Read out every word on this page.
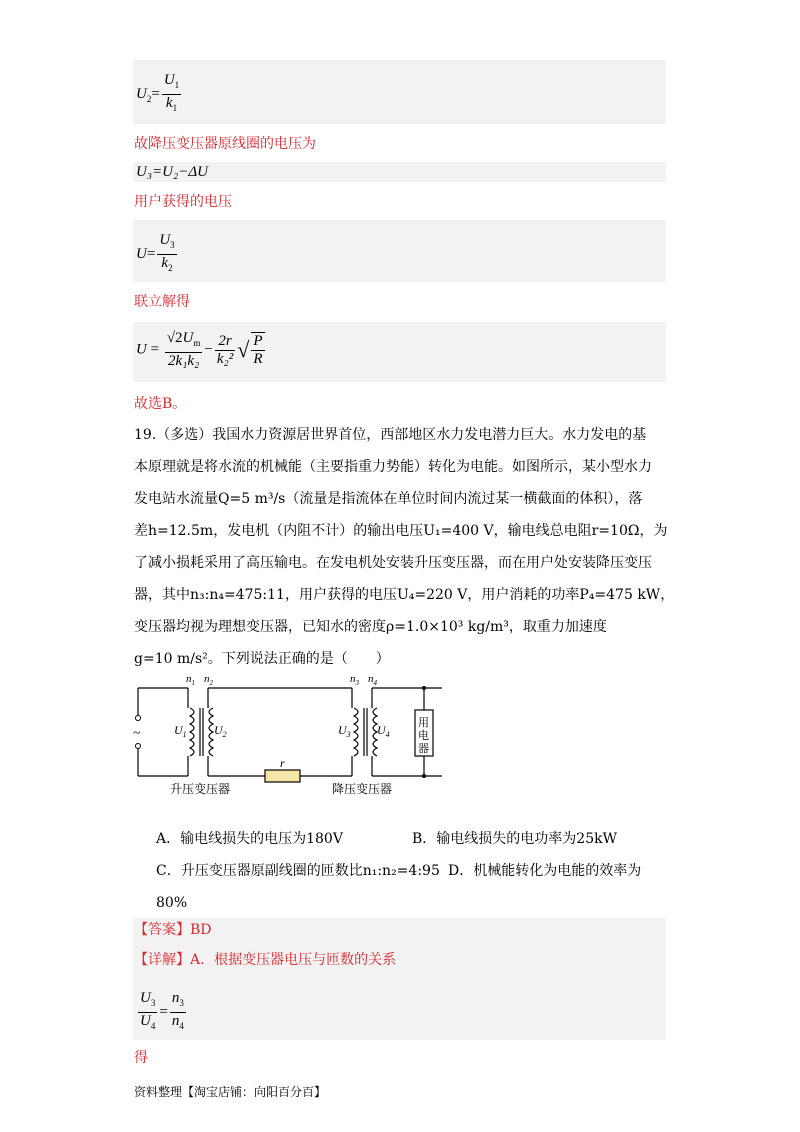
$U_2= \frac{U_1}{k_1}$
故降压变压器原线圈的电压为
U₃=U₂−ΔU
用户获得的电压
$U= \frac{U_3}{k_2}$
联立解得
$U = \frac{√2U_m}{\text{2k₁k₂}} - \frac{2r}{\text{k₂²}}$ √ $\frac{P}{R}$
故选B。
19.（多选）我国水力资源居世界首位，西部地区水力发电潜力巨大。水力发电的基
本原理就是将水流的机械能（主要指重力势能）转化为电能。如图所示，某小型水力
发电站水流量Q=5 m³/s（流量是指流体在单位时间内流过某一横截面的体积），落
差h=12.5m，发电机（内阻不计）的输出电压U₁=400 V，输电线总电阻r=10Ω，为
了减小损耗采用了高压输电。在发电机处安装升压变压器，而在用户处安装降压变压
器，其中n₃:n₄=475:11，用户获得的电压U₄=220 V，用户消耗的功率P₄=475 kW，
变压器均视为理想变压器，已知水的密度ρ=1.0×10³ kg/m³，取重力加速度
g=10 m/s²。下列说法正确的是（　　）
~
$n_1$ $n_2$	$n_3$ $n_4$
$U_1$ $U_2$	$U_3$ $U_4$
r
用
电
器
升压变压器	降压变压器
A．输电线损失的电压为180V	B．输电线损失的电功率为25kW
C．升压变压器原副线圈的匝数比n₁:n₂=4:95 D．机械能转化为电能的效率为
80%
【答案】BD
【详解】A．根据变压器电压与匝数的关系
$\frac{U_3}{U_4} = \frac{n_3}{n_4}$
得
资料整理【淘宝店铺：向阳百分百】
